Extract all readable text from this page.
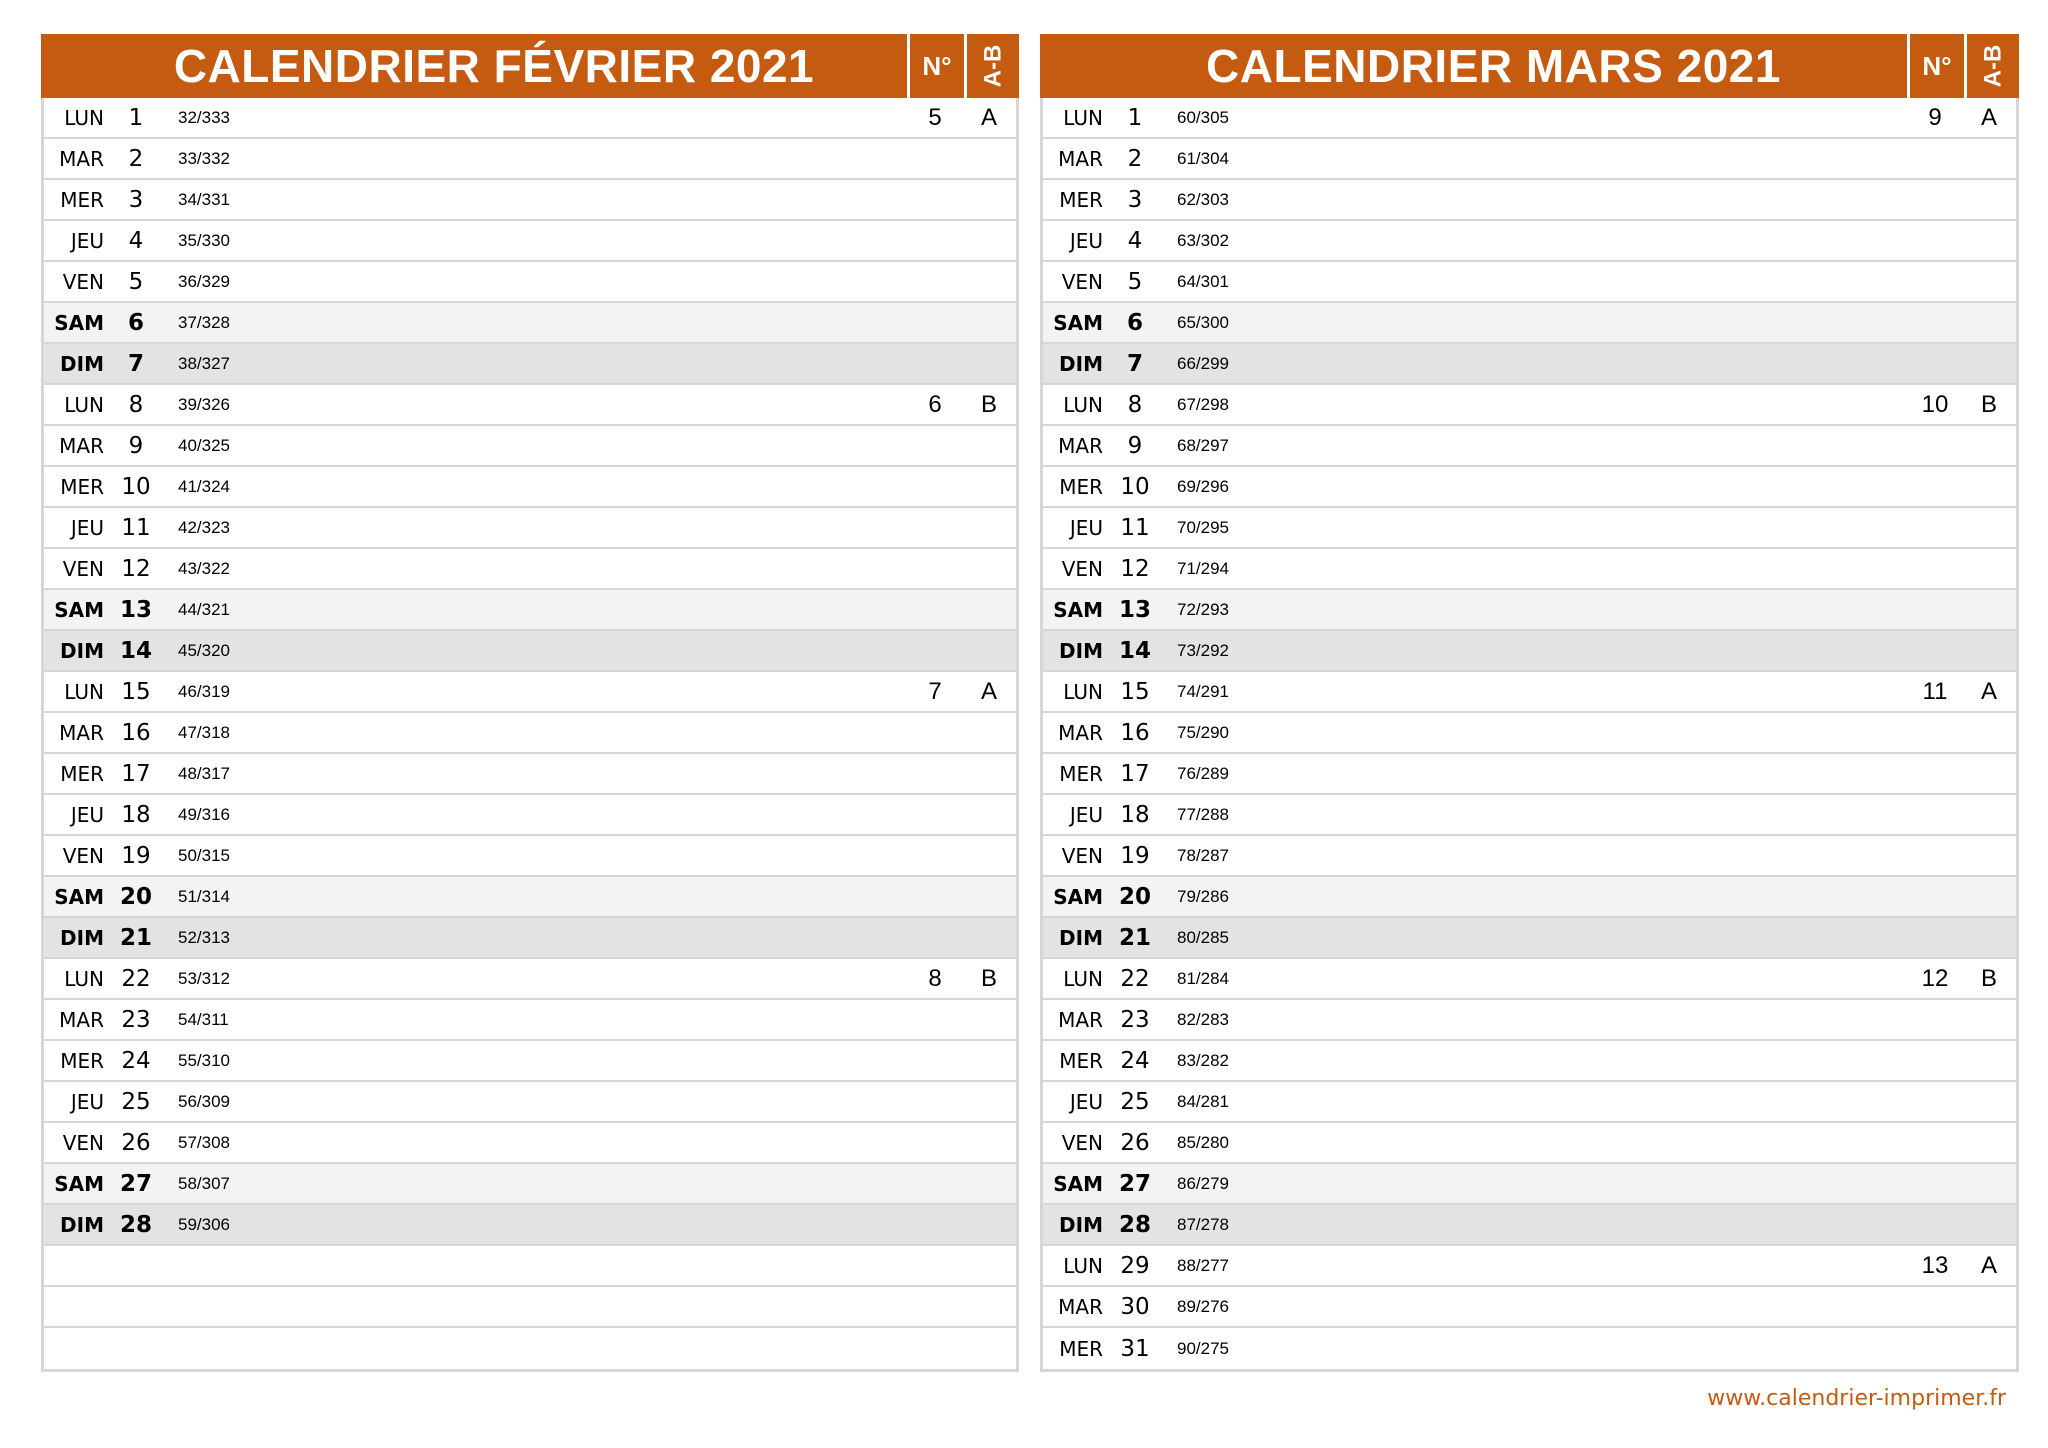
CALENDRIER FÉVRIER 2021	N°	A-B
LUN	1	32/333	5	A
MAR	2	33/332
MER	3	34/331
JEU	4	35/330
VEN	5	36/329
SAM	6	37/328
DIM	7	38/327
LUN	8	39/326	6	B
MAR	9	40/325
MER 10	41/324
JEU 11	42/323
VEN 12	43/322
SAM 13	44/321
DIM 14	45/320
LUN 15	46/319	7	A
MAR 16	47/318
MER 17	48/317
JEU 18	49/316
VEN 19	50/315
SAM 20	51/314
DIM 21	52/313
LUN 22	53/312	8	B
MAR 23	54/311
MER 24	55/310
JEU 25	56/309
VEN 26	57/308
SAM 27	58/307
DIM 28	59/306
CALENDRIER MARS 2021	N°	A-B
LUN	1	60/305	9	A
MAR	2	61/304
MER	3	62/303
JEU	4	63/302
VEN	5	64/301
SAM	6	65/300
DIM	7	66/299
LUN	8	67/298	10	B
MAR	9	68/297
MER 10	69/296
JEU 11	70/295
VEN 12	71/294
SAM 13	72/293
DIM 14	73/292
LUN 15	74/291	11	A
MAR 16	75/290
MER 17	76/289
JEU 18	77/288
VEN 19	78/287
SAM 20	79/286
DIM 21	80/285
LUN 22	81/284	12	B
MAR 23	82/283
MER 24	83/282
JEU 25	84/281
VEN 26	85/280
SAM 27	86/279
DIM 28	87/278
LUN 29	88/277	13	A
MAR 30	89/276
MER 31	90/275
www.calendrier-imprimer.fr
